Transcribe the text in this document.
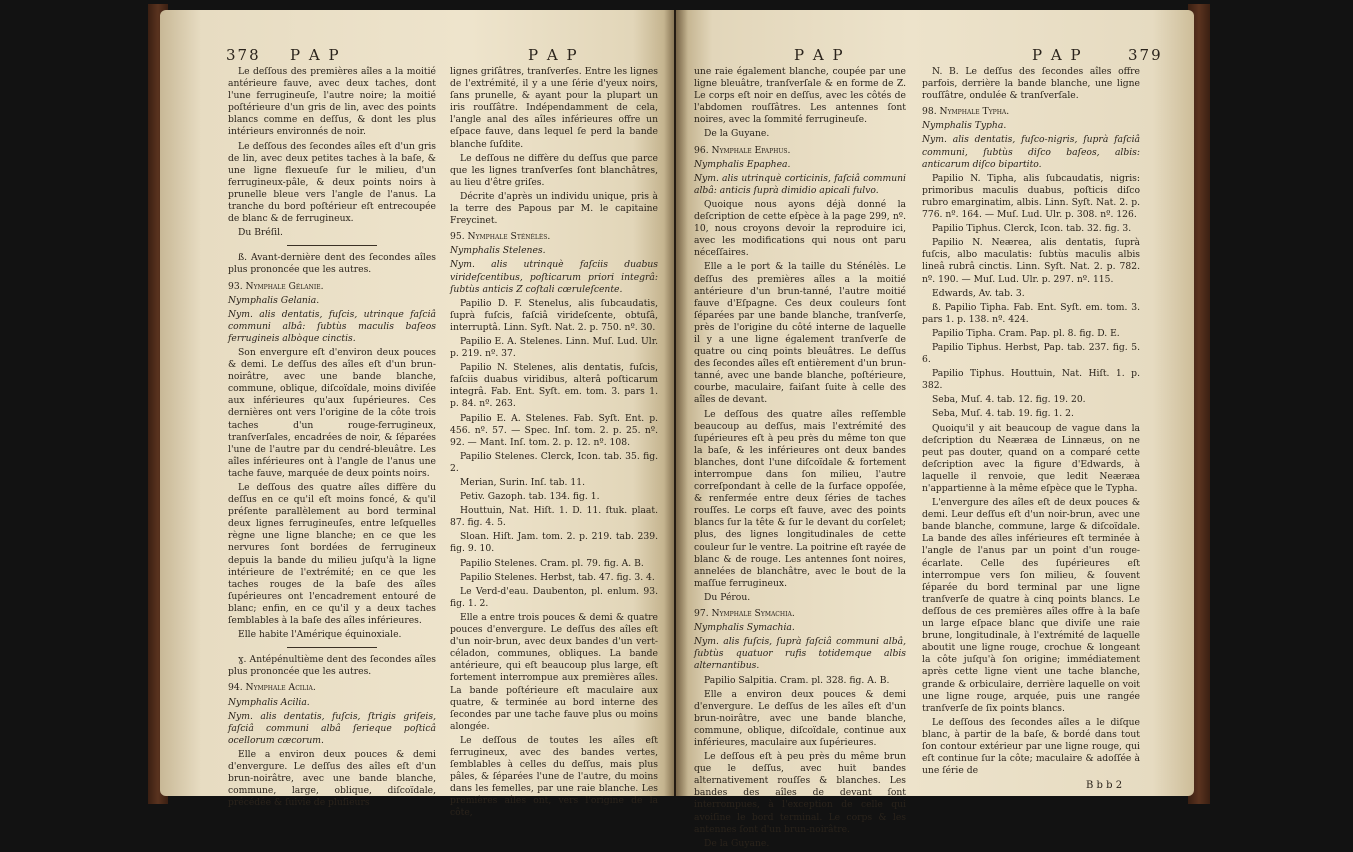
378 P A P	P A P

Le deſſous des premières aîles a la moitié antérieure fauve, avec deux taches, dont l'une ferrugineuſe, l'autre noire; la moitié poſtérieure d'un gris de lin, avec des points blancs comme en deſſus, & dont les plus intérieurs environnés de noir.

Le deſſous des ſecondes aîles eſt d'un gris de lin, avec deux petites taches à la baſe, & une ligne flexueuſe ſur le milieu, d'un ferrugineux-pâle, & deux points noirs à prunelle bleue vers l'angle de l'anus. La tranche du bord poſtérieur eſt entrecoupée de blanc & de ferrugineux.

Du Bréſil.

ß. Avant-dernière dent des ſecondes aîles plus prononcée que les autres.

93. Nymphale Gélanie.

Nymphalis Gelania.

Nym. alis dentatis, fuſcis, utrinque faſciâ communi albâ: ſubtùs maculis baſeos ferrugineis albòque cinctis.

Son envergure eſt d'environ deux pouces & demi. Le deſſus des aîles eſt d'un brun-noirâtre, avec une bande blanche, commune, oblique, diſcoïdale, moins diviſée aux inférieures qu'aux ſupérieures. Ces dernières ont vers l'origine de la côte trois taches d'un rouge-ferrugineux, tranſverſales, encadrées de noir, & ſéparées l'une de l'autre par du cendré-bleuâtre. Les aîles inférieures ont à l'angle de l'anus une tache fauve, marquée de deux points noirs.

Le deſſous des quatre aîles diffère du deſſus en ce qu'il eſt moins foncé, & qu'il préſente parallèlement au bord terminal deux lignes ferrugineuſes, entre leſquelles règne une ligne blanche; en ce que les nervures ſont bordées de ferrugineux depuis la bande du milieu juſqu'à la ligne intérieure de l'extrémité; en ce que les taches rouges de la baſe des aîles ſupérieures ont l'encadrement entouré de blanc; enfin, en ce qu'il y a deux taches ſemblables à la baſe des aîles inférieures.

Elle habite l'Amérique équinoxiale.

ɣ. Antépénultième dent des ſecondes aîles plus prononcée que les autres.

94. Nymphale Acilia.

Nymphalis Acilia.

Nym. alis dentatis, fuſcis, ſtrigis griſeis, faſciâ communi albâ ſerieque poſticâ ocellorum cæcorum.

Elle a environ deux pouces & demi d'envergure. Le deſſus des aîles eſt d'un brun-noirâtre, avec une bande blanche, commune, large, oblique, diſcoïdale, précédée & ſuivie de pluſieurs

lignes griſâtres, tranſverſes. Entre les lignes de l'extrémité, il y a une ſérie d'yeux noirs, ſans prunelle, & ayant pour la plupart un iris rouſſâtre. Indépendamment de cela, l'angle anal des aîles inférieures offre un eſpace fauve, dans lequel ſe perd la bande blanche ſuſdite.

Le deſſous ne diffère du deſſus que parce que les lignes tranſverſes ſont blanchâtres, au lieu d'être griſes.

Décrite d'après un individu unique, pris à la terre des Papous par M. le capitaine Freycinet.

95. Nymphale Sténélès.

Nymphalis Stelenes.

Nym. alis utrinquè faſciis duabus virideſcentibus, poſticarum priori integrâ: ſubtùs anticis Z coſtali cœruleſcente.

Papilio D. F. Stenelus, alis ſubcaudatis, ſuprà fuſcis, faſciâ virideſcente, obtuſâ, interruptâ. Linn. Syſt. Nat. 2. p. 750. nº. 30.

Papilio E. A. Stelenes. Linn. Muſ. Lud. Ulr. p. 219. nº. 37.

Papilio N. Stelenes, alis dentatis, fuſcis, faſciis duabus viridibus, alterâ poſticarum integrâ. Fab. Ent. Syſt. em. tom. 3. pars 1. p. 84. nº. 263.

Papilio E. A. Stelenes. Fab. Syſt. Ent. p. 456. nº. 57. — Spec. Inſ. tom. 2. p. 25. nº. 92. — Mant. Inſ. tom. 2. p. 12. nº. 108.

Papilio Stelenes. Clerck, Icon. tab. 35. fig. 2.

Merian, Surin. Inſ. tab. 11.

Petiv. Gazoph. tab. 134. fig. 1.

Houttuin, Nat. Hiſt. 1. D. 11. ſtuk. plaat. 87. fig. 4. 5.

Sloan. Hiſt. Jam. tom. 2. p. 219. tab. 239. fig. 9. 10.

Papilio Stelenes. Cram. pl. 79. fig. A. B.

Papilio Stelenes. Herbst, tab. 47. fig. 3. 4.

Le Verd-d'eau. Daubenton, pl. enlum. 93. fig. 1. 2.

Elle a entre trois pouces & demi & quatre pouces d'envergure. Le deſſus des aîles eſt d'un noir-brun, avec deux bandes d'un vert-céladon, communes, obliques. La bande antérieure, qui eſt beaucoup plus large, eſt fortement interrompue aux premières aîles. La bande poſtérieure eſt maculaire aux quatre, & terminée au bord interne des ſecondes par une tache fauve plus ou moins alongée.

Le deſſous de toutes les aîles eſt ferrugineux, avec des bandes vertes, ſemblables à celles du deſſus, mais plus pâles, & ſéparées l'une de l'autre, du moins dans les femelles, par une raie blanche. Les premières aîles ont, vers l'origine de la côte,

P A P	P A P	379

une raie également blanche, coupée par une ligne bleuâtre, tranſverſale & en forme de Z. Le corps eſt noir en deſſus, avec les côtés de l'abdomen rouſſâtres. Les antennes ſont noires, avec la ſommité ferrugineuſe.

De la Guyane.

96. Nymphale Epaphus.

Nymphalis Epaphea.

Nym. alis utrinquè corticinis, faſciâ communi albâ: anticis ſuprà dimidio apicali fulvo.

Quoique nous ayons déjà donné la deſcription de cette eſpèce à la page 299, nº. 10, nous croyons devoir la reproduire ici, avec les modifications qui nous ont paru néceſſaires.

Elle a le port & la taille du Sténélès. Le deſſus des premières aîles a la moitié antérieure d'un brun-tanné, l'autre moitié fauve d'Eſpagne. Ces deux couleurs ſont ſéparées par une bande blanche, tranſverſe, près de l'origine du côté interne de laquelle il y a une ligne également tranſverſe de quatre ou cinq points bleuâtres. Le deſſus des ſecondes aîles eſt entièrement d'un brun-tanné, avec une bande blanche, poſtérieure, courbe, maculaire, faiſant ſuite à celle des aîles de devant.

Le deſſous des quatre aîles reſſemble beaucoup au deſſus, mais l'extrémité des ſupérieures eſt à peu près du même ton que la baſe, & les inférieures ont deux bandes blanches, dont l'une diſcoïdale & fortement interrompue dans ſon milieu, l'autre correſpondant à celle de la ſurface oppoſée, & renfermée entre deux ſéries de taches rouſſes. Le corps eſt fauve, avec des points blancs ſur la tête & ſur le devant du corſelet; plus, des lignes longitudinales de cette couleur ſur le ventre. La poitrine eſt rayée de blanc & de rouge. Les antennes ſont noires, annelées de blanchâtre, avec le bout de la maſſue ferrugineux.

Du Pérou.

97. Nymphale Symachia.

Nymphalis Symachia.

Nym. alis fuſcis, ſuprà faſciâ communi albâ, ſubtùs quatuor rufis totidemque albis alternantibus.

Papilio Salpitia. Cram. pl. 328. fig. A. B.

Elle a environ deux pouces & demi d'envergure. Le deſſus de les aîles eſt d'un brun-noirâtre, avec une bande blanche, commune, oblique, diſcoïdale, continue aux inférieures, maculaire aux ſupérieures.

Le deſſous eſt à peu près du même brun que le deſſus, avec huit bandes alternativement rouſſes & blanches. Les bandes des aîles de devant ſont interrompues, à l'exception de celle qui avoiſine le bord terminal. Le corps & les antennes ſont d'un brun-noirâtre.

De la Guyane.

N. B. Le deſſus des ſecondes aîles offre parfois, derrière la bande blanche, une ligne rouſſâtre, ondulée & tranſverſale.

98. Nymphale Typha.

Nymphalis Typha.

Nym. alis dentatis, fuſco-nigris, ſuprà faſciâ communi, ſubtùs diſco baſeos, albis: anticarum diſco bipartito.

Papilio N. Tipha, alis ſubcaudatis, nigris: primoribus maculis duabus, poſticis diſco rubro emarginatim, albis. Linn. Syſt. Nat. 2. p. 776. nº. 164. — Muſ. Lud. Ulr. p. 308. nº. 126.

Papilio Tiphus. Clerck, Icon. tab. 32. fig. 3.

Papilio N. Neærea, alis dentatis, ſuprà fuſcis, albo maculatis: ſubtùs maculis albis lineâ rubrâ cinctis. Linn. Syſt. Nat. 2. p. 782. nº. 190. — Muſ. Lud. Ulr. p. 297. nº. 115.

Edwards, Av. tab. 3.

ß. Papilio Tipha. Fab. Ent. Syſt. em. tom. 3. pars 1. p. 138. nº. 424.

Papilio Tipha. Cram. Pap. pl. 8. fig. D. E.

Papilio Tiphus. Herbst, Pap. tab. 237. fig. 5. 6.

Papilio Tiphus. Houttuin, Nat. Hiſt. 1. p. 382.

Seba, Muſ. 4. tab. 12. fig. 19. 20.

Seba, Muſ. 4. tab. 19. fig. 1. 2.

Quoiqu'il y ait beaucoup de vague dans la deſcription du Neæræa de Linnæus, on ne peut pas douter, quand on a comparé cette deſcription avec la figure d'Edwards, à laquelle il renvoie, que ledit Neæræa n'appartienne à la même eſpèce que le Typha.

L'envergure des aîles eſt de deux pouces & demi. Leur deſſus eſt d'un noir-brun, avec une bande blanche, commune, large & diſcoïdale. La bande des aîles inférieures eſt terminée à l'angle de l'anus par un point d'un rouge-écarlate. Celle des ſupérieures eſt interrompue vers ſon milieu, & ſouvent ſéparée du bord terminal par une ligne tranſverſe de quatre à cinq points blancs. Le deſſous de ces premières aîles offre à la baſe un large eſpace blanc que diviſe une raie brune, longitudinale, à l'extrémité de laquelle aboutit une ligne rouge, crochue & longeant la côte juſqu'à ſon origine; immédiatement après cette ligne vient une tache blanche, grande & orbiculaire, derrière laquelle on voit une ligne rouge, arquée, puis une rangée tranſverſe de ſix points blancs.

Le deſſous des ſecondes aîles a le diſque blanc, à partir de la baſe, & bordé dans tout ſon contour extérieur par une ligne rouge, qui eſt continue ſur la côte; maculaire & adoſſée à une ſérie de

B b b 2
